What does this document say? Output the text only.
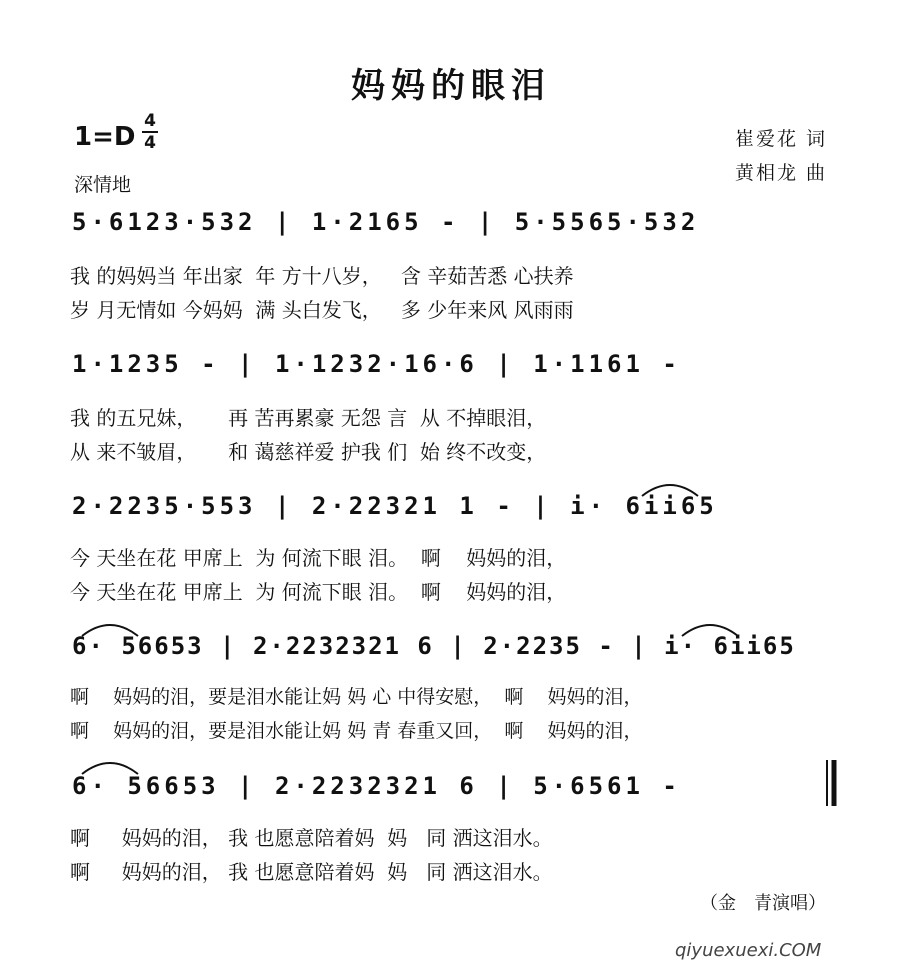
妈妈的眼泪
1=D
4
4
深情地
崔爱花 词
黄相龙 曲
5·6123·532 | 1·2165 - | 5·5565·532
我 的妈妈当 年出家  年 方十八岁，   含 辛茹苦悉 心扶养
岁 月无情如 今妈妈  满 头白发飞，   多 少年来风 风雨雨
1·1235 - | 1·1232·16·6 | 1·1161 -
我 的五兄妹，     再 苦再累豪 无怨 言  从 不掉眼泪，
从 来不皱眉，     和 蔼慈祥爱 护我 们  始 终不改变，
2·2235·553 | 2·22321 1 - | i· 6ii65
今 天坐在花 甲席上  为 何流下眼 泪。  啊    妈妈的泪，
今 天坐在花 甲席上  为 何流下眼 泪。  啊    妈妈的泪，
6· 56653 | 2·2232321 6 | 2·2235 - | i· 6ii65
啊    妈妈的泪，要是泪水能让妈 妈 心 中得安慰，  啊    妈妈的泪，
啊    妈妈的泪，要是泪水能让妈 妈 青 春重又回，  啊    妈妈的泪，
6· 56653 | 2·2232321 6 | 5·6561 -
啊     妈妈的泪， 我 也愿意陪着妈  妈   同 洒这泪水。
啊     妈妈的泪， 我 也愿意陪着妈  妈   同 洒这泪水。
（金　青演唱）
qiyuexuexi.COM
